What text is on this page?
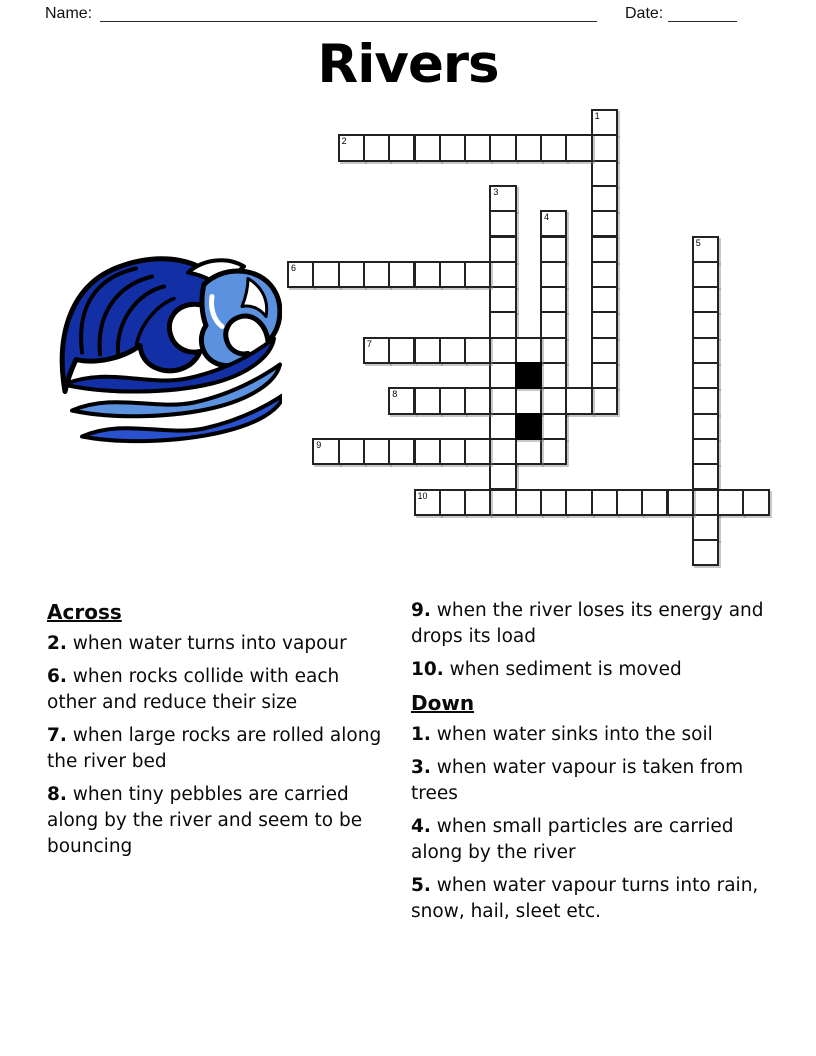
Name:	Date:
Rivers
1
2
3
4
5
6
7
8
9
10

Across

2. when water turns into vapour

6. when rocks collide with each other and reduce their size

7. when large rocks are rolled along the river bed

8. when tiny pebbles are carried along by the river and seem to be bouncing

9. when the river loses its energy and drops its load

10. when sediment is moved

Down

1. when water sinks into the soil

3. when water vapour is taken from trees

4. when small particles are carried along by the river

5. when water vapour turns into rain, snow, hail, sleet etc.
